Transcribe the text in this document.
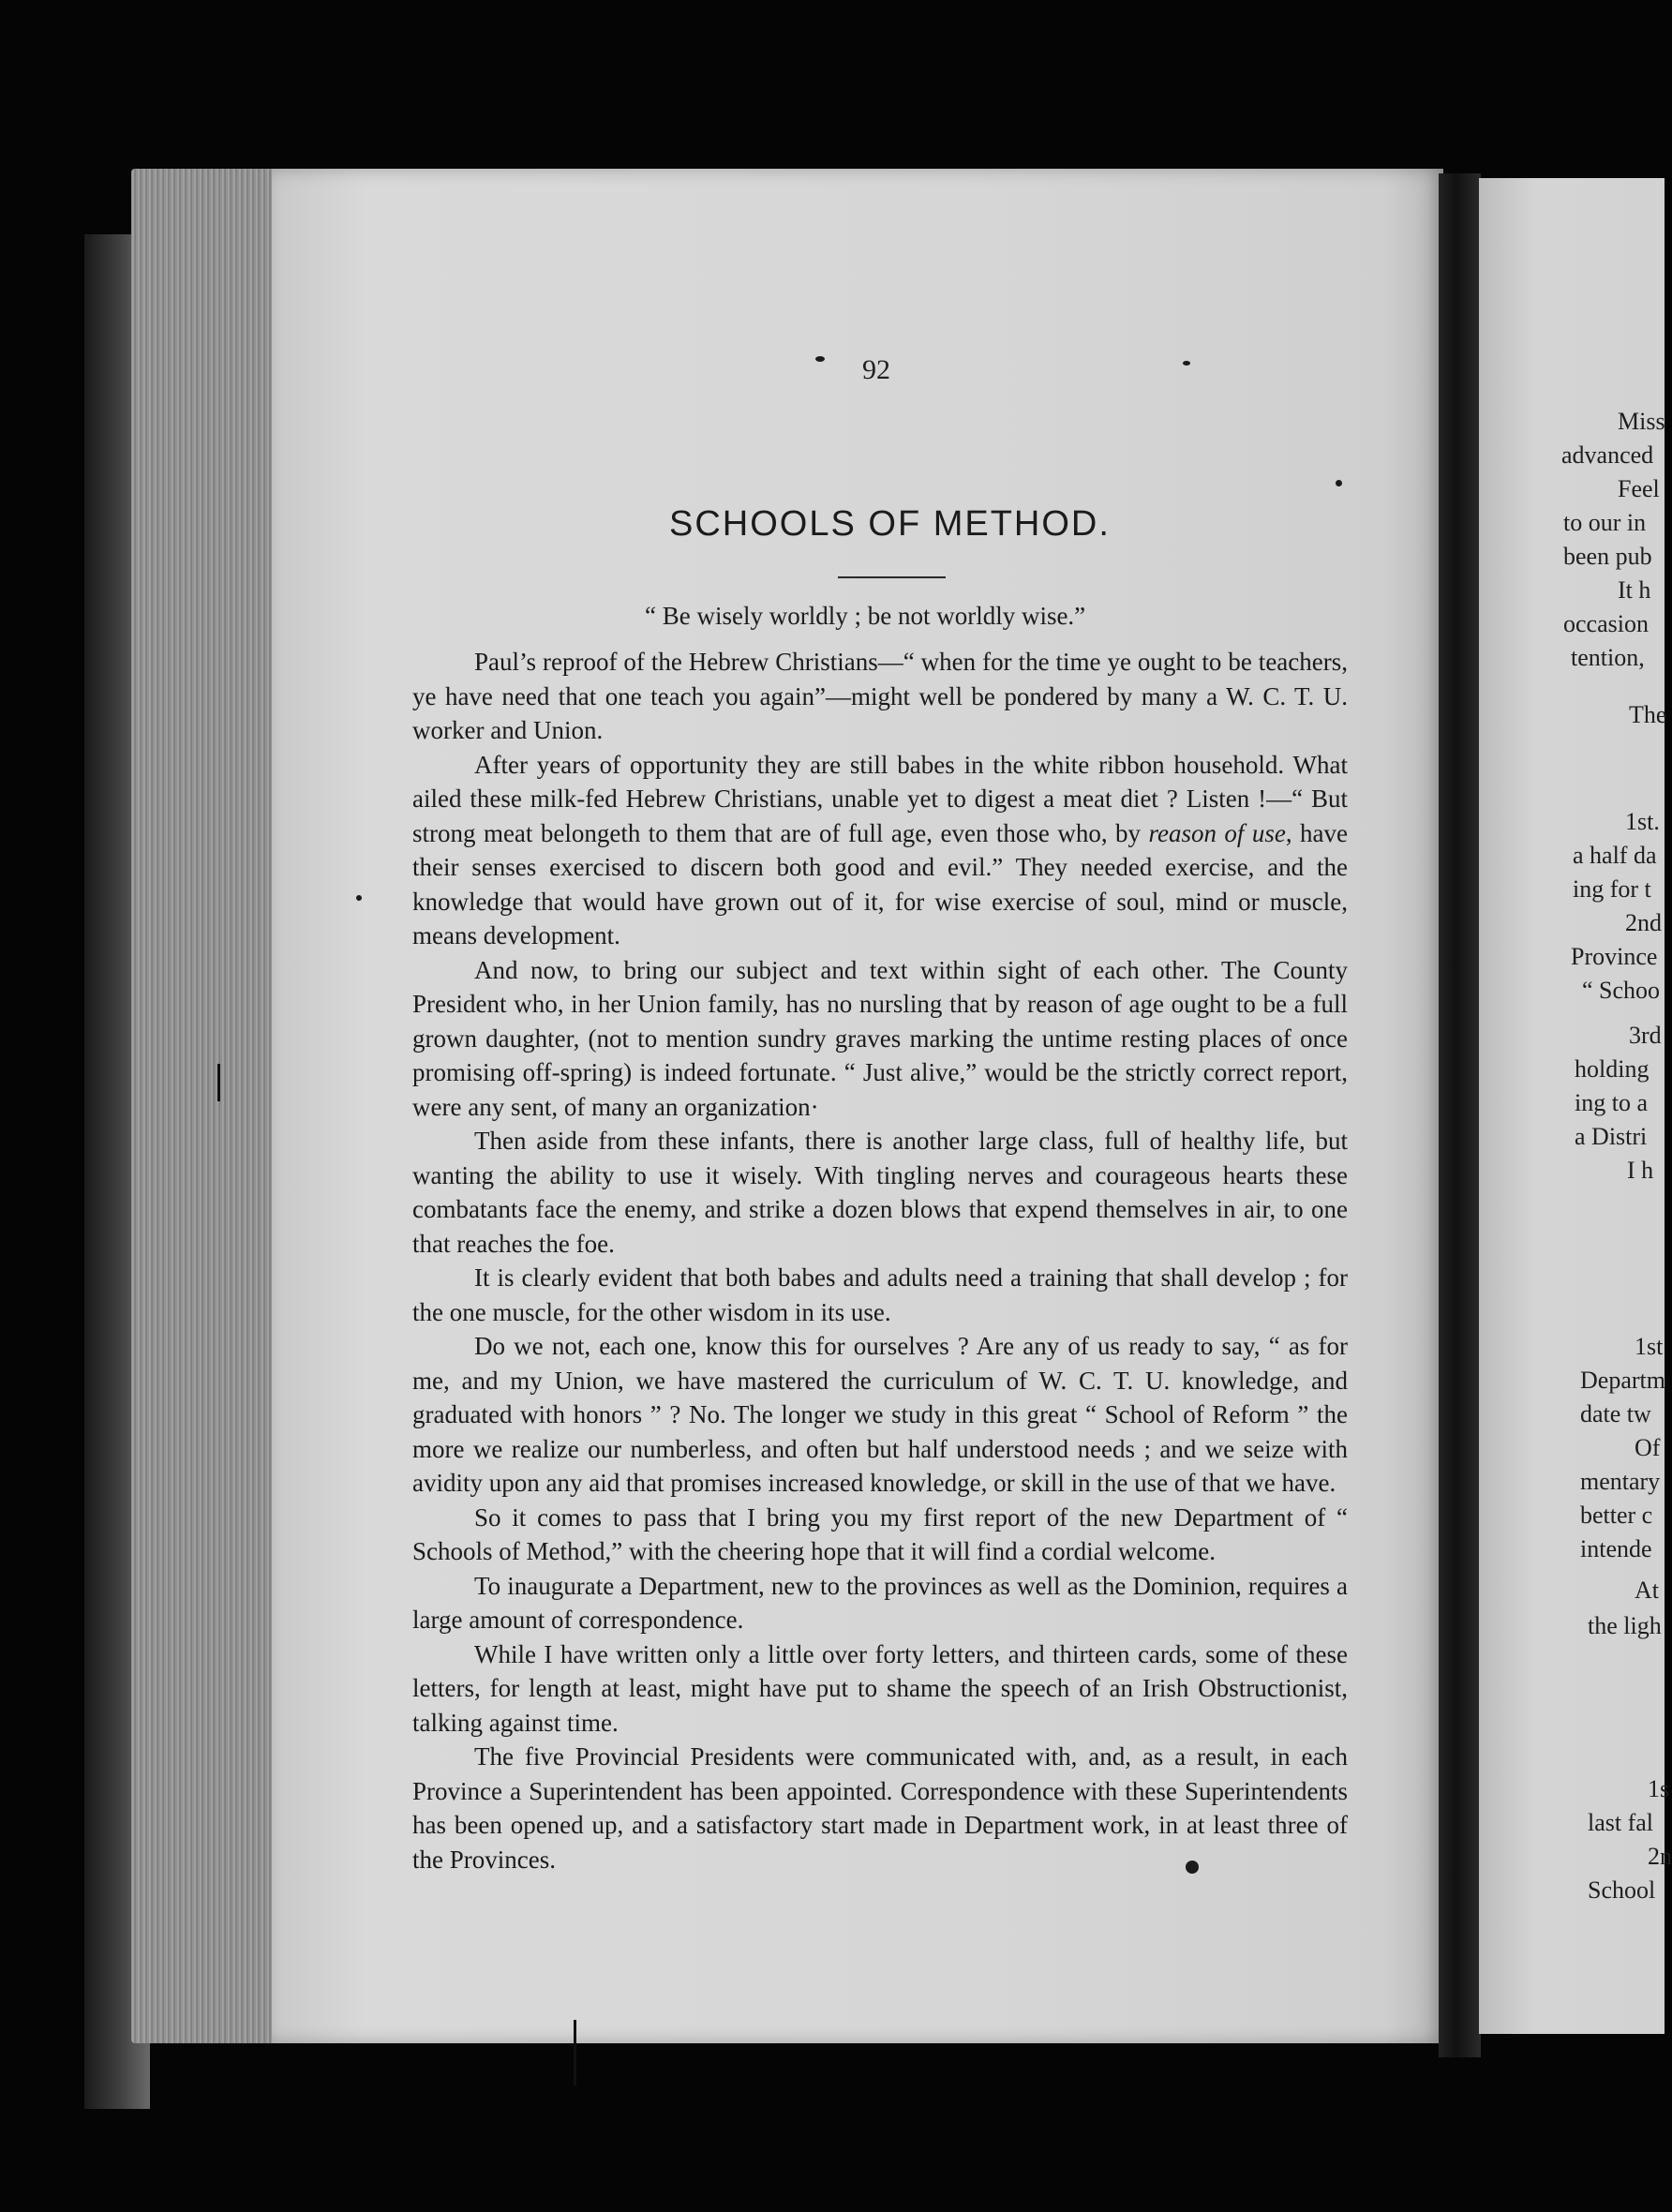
92
SCHOOLS OF METHOD.
“ Be wisely worldly ; be not worldly wise.”

Paul’s reproof of the Hebrew Christians—“ when for the time ye ought to be teachers, ye have need that one teach you again”—might well be pondered by many a W. C. T. U. worker and Union.

After years of opportunity they are still babes in the white ribbon household. What ailed these milk-fed Hebrew Christians, unable yet to digest a meat diet ? Listen !—“ But strong meat belongeth to them that are of full age, even those who, by reason of use, have their senses exercised to discern both good and evil.” They needed exercise, and the knowledge that would have grown out of it, for wise exercise of soul, mind or muscle, means development.

And now, to bring our subject and text within sight of each other. The County President who, in her Union family, has no nursling that by reason of age ought to be a full grown daughter, (not to mention sundry graves marking the untime resting places of once promising off-spring) is indeed fortunate. “ Just alive,” would be the strictly correct report, were any sent, of many an organization·

Then aside from these infants, there is another large class, full of healthy life, but wanting the ability to use it wisely. With tingling nerves and courageous hearts these combatants face the enemy, and strike a dozen blows that expend themselves in air, to one that reaches the foe.

It is clearly evident that both babes and adults need a training that shall develop ; for the one muscle, for the other wisdom in its use.

Do we not, each one, know this for ourselves ? Are any of us ready to say, “ as for me, and my Union, we have mastered the curriculum of W. C. T. U. knowledge, and graduated with honors ” ? No. The longer we study in this great “ School of Reform ” the more we realize our numberless, and often but half understood needs ; and we seize with avidity upon any aid that promises increased knowledge, or skill in the use of that we have.

So it comes to pass that I bring you my first report of the new Department of “ Schools of Method,” with the cheering hope that it will find a cordial welcome.

To inaugurate a Department, new to the provinces as well as the Dominion, requires a large amount of correspondence.

While I have written only a little over forty letters, and thirteen cards, some of these letters, for length at least, might have put to shame the speech of an Irish Obstructionist, talking against time.

The five Provincial Presidents were communicated with, and, as a result, in each Province a Superintendent has been appointed. Correspondence with these Superintendents has been opened up, and a satisfactory start made in Department work, in at least three of the Provinces.

Miss
advanced
Feel
to our in
been pub
It h
occasion
tention,
The
1st.
a half da
ing for t
2nd
Province
“ Schoo
3rd
holding
ing to a
a Distri
I h
1st
Departm
date tw
Of
mentary
better c
intende
At
the ligh
1s
last fal
2n
School
